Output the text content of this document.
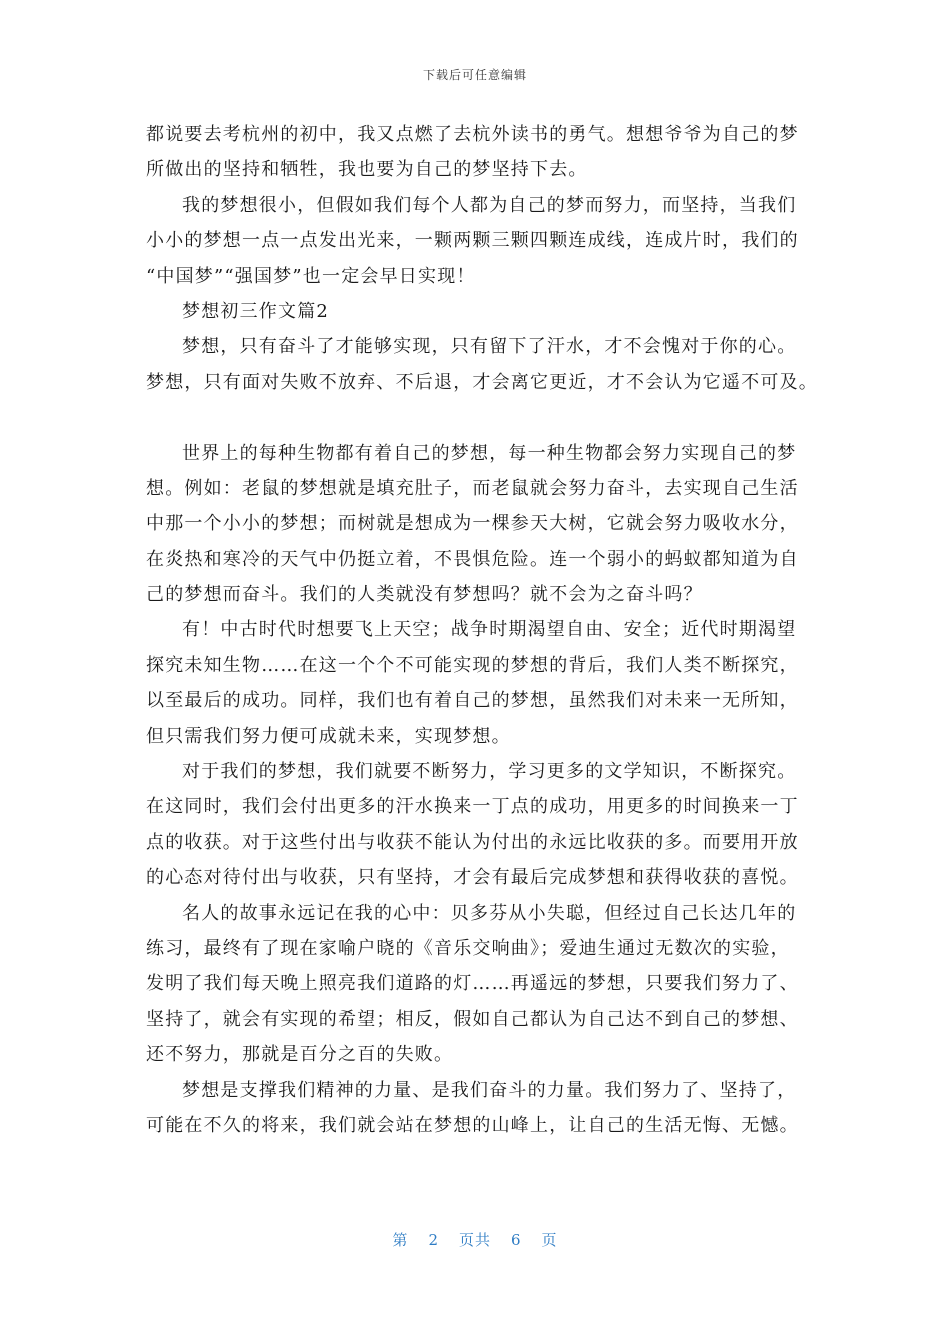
下载后可任意编辑
都说要去考杭州的初中，我又点燃了去杭外读书的勇气。想想爷爷为自己的梦
所做出的坚持和牺牲，我也要为自己的梦坚持下去。
我的梦想很小，但假如我们每个人都为自己的梦而努力，而坚持，当我们
小小的梦想一点一点发出光来，一颗两颗三颗四颗连成线，连成片时，我们的
“中国梦”“强国梦”也一定会早日实现！
梦想初三作文篇2
梦想，只有奋斗了才能够实现，只有留下了汗水，才不会愧对于你的心。
梦想，只有面对失败不放弃、不后退，才会离它更近，才不会认为它遥不可及。
世界上的每种生物都有着自己的梦想，每一种生物都会努力实现自己的梦
想。例如：老鼠的梦想就是填充肚子，而老鼠就会努力奋斗，去实现自己生活
中那一个小小的梦想；而树就是想成为一棵参天大树，它就会努力吸收水分，
在炎热和寒冷的天气中仍挺立着，不畏惧危险。连一个弱小的蚂蚁都知道为自
己的梦想而奋斗。我们的人类就没有梦想吗？就不会为之奋斗吗？
有！中古时代时想要飞上天空；战争时期渴望自由、安全；近代时期渴望
探究未知生物……在这一个个不可能实现的梦想的背后，我们人类不断探究，
以至最后的成功。同样，我们也有着自己的梦想，虽然我们对未来一无所知，
但只需我们努力便可成就未来，实现梦想。
对于我们的梦想，我们就要不断努力，学习更多的文学知识，不断探究。
在这同时，我们会付出更多的汗水换来一丁点的成功，用更多的时间换来一丁
点的收获。对于这些付出与收获不能认为付出的永远比收获的多。而要用开放
的心态对待付出与收获，只有坚持，才会有最后完成梦想和获得收获的喜悦。
名人的故事永远记在我的心中：贝多芬从小失聪，但经过自己长达几年的
练习，最终有了现在家喻户晓的《音乐交响曲》；爱迪生通过无数次的实验，
发明了我们每天晚上照亮我们道路的灯……再遥远的梦想，只要我们努力了、
坚持了，就会有实现的希望；相反，假如自己都认为自己达不到自己的梦想、
还不努力，那就是百分之百的失败。
梦想是支撑我们精神的力量、是我们奋斗的力量。我们努力了、坚持了，
可能在不久的将来，我们就会站在梦想的山峰上，让自己的生活无悔、无憾。
第 2 页共 6 页
